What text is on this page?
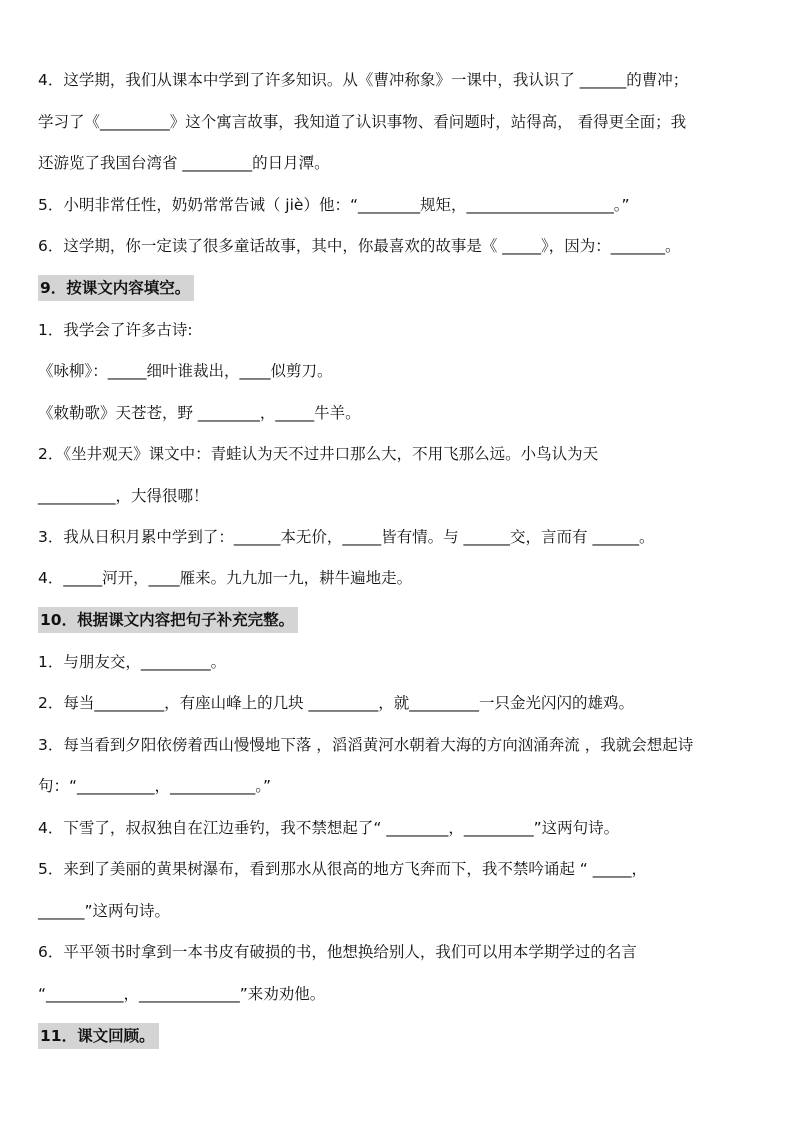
4．这学期，我们从课本中学到了许多知识。从《曹冲称象》一课中，我认识了 ______的曹冲；
学习了《_________》这个寓言故事，我知道了认识事物、看问题时，站得高， 看得更全面；我
还游览了我国台湾省 _________的日月潭。
5．小明非常任性，奶奶常常告诫（ jiè）他：“________规矩，___________________。”
6．这学期，你一定读了很多童话故事，其中，你最喜欢的故事是《 _____》，因为：_______。
9．按课文内容填空。
1．我学会了许多古诗:
《咏柳》：_____细叶谁裁出，____似剪刀。
《敕勒歌》天苍苍，野 ________，_____牛羊。
2．《坐井观天》课文中：青蛙认为天不过井口那么大，不用飞那么远。小鸟认为天
__________，大得很哪！
3．我从日积月累中学到了：______本无价，_____皆有情。与 ______交，言而有 ______。
4．_____河开，____雁来。九九加一九，耕牛遍地走。
10．根据课文内容把句子补充完整。
1．与朋友交，_________。
2．每当_________，有座山峰上的几块 _________，就_________一只金光闪闪的雄鸡。
3．每当看到夕阳依傍着西山慢慢地下落 ，滔滔黄河水朝着大海的方向汹涌奔流 ，我就会想起诗
句：“__________，___________。”
4．下雪了，叔叔独自在江边垂钓，我不禁想起了“ ________，_________”这两句诗。
5．来到了美丽的黄果树瀑布，看到那水从很高的地方飞奔而下，我不禁吟诵起 “ _____，
______”这两句诗。
6．平平领书时拿到一本书皮有破损的书，他想换给别人，我们可以用本学期学过的名言
“__________，_____________”来劝劝他。
11．课文回顾。
